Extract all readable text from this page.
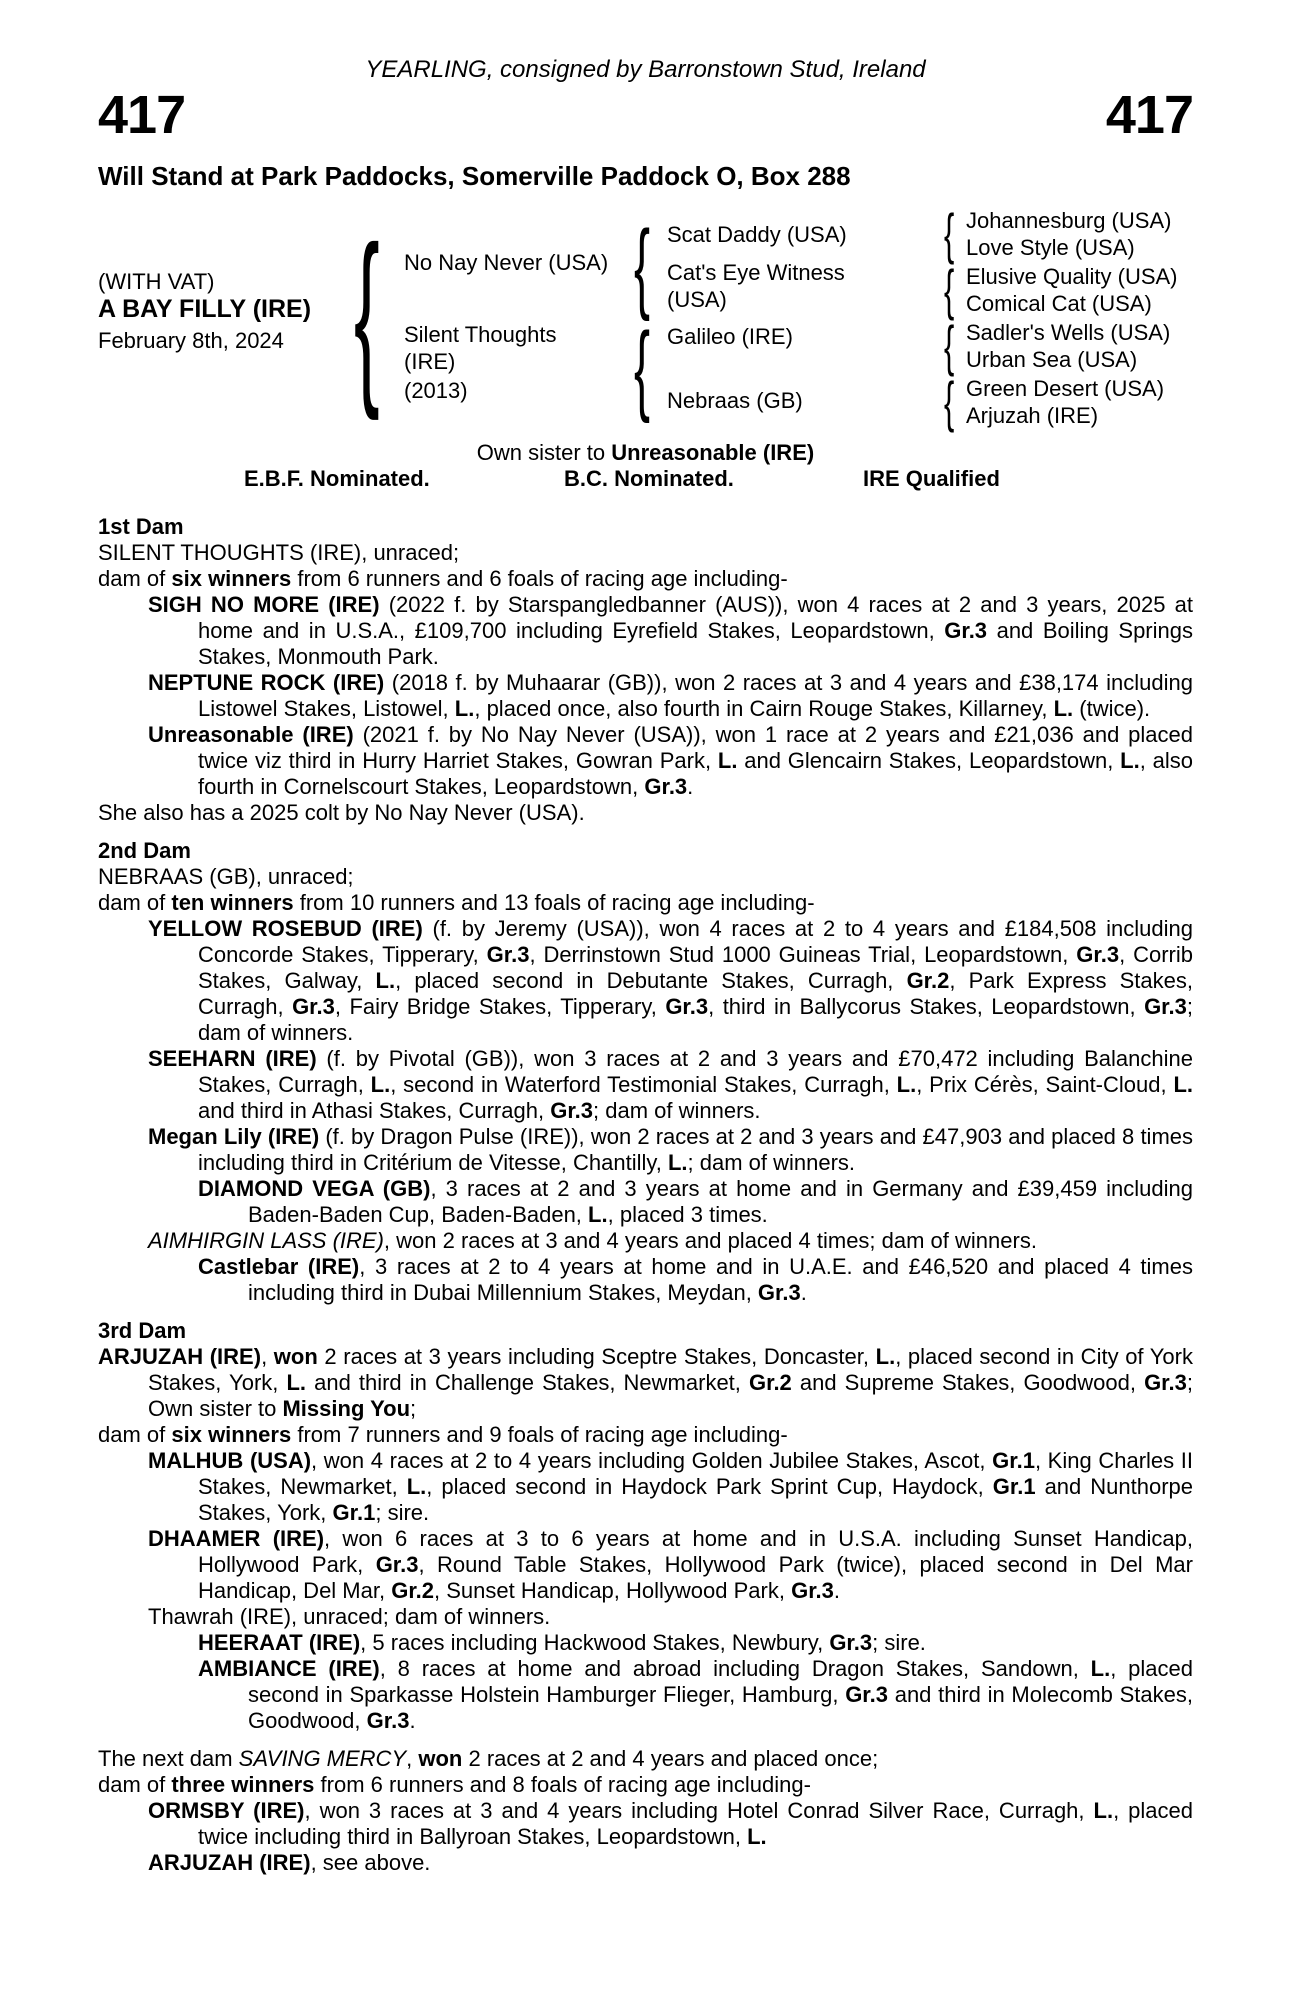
YEARLING, consigned by Barronstown Stud, Ireland
417	417
Will Stand at Park Paddocks, Somerville Paddock O, Box 288
(WITH VAT)
A BAY FILLY (IRE)
February 8th, 2024 {	{
{
{
{
{
{
No Nay Never (USA)
Silent Thoughts (IRE)
(2013)
Scat Daddy (USA)
Cat's Eye Witness (USA)
Galileo (IRE)
Nebraas (GB)
Johannesburg (USA)
Love Style (USA)
Elusive Quality (USA)
Comical Cat (USA)
Sadler's Wells (USA)
Urban Sea (USA)
Green Desert (USA)
Arjuzah (IRE)
Own sister to Unreasonable (IRE)
E.B.F. Nominated.	B.C. Nominated.	IRE Qualified
1st Dam
SILENT THOUGHTS (IRE), unraced;
dam of six winners from 6 runners and 6 foals of racing age including-
SIGH NO MORE (IRE) (2022 f. by Starspangledbanner (AUS)), won 4 races at 2 and 3 years, 2025 at home and in U.S.A., £109,700 including Eyrefield Stakes, Leopardstown, Gr.3 and Boiling Springs Stakes, Monmouth Park.
NEPTUNE ROCK (IRE) (2018 f. by Muhaarar (GB)), won 2 races at 3 and 4 years and £38,174 including Listowel Stakes, Listowel, L., placed once, also fourth in Cairn Rouge Stakes, Killarney, L. (twice).
Unreasonable (IRE) (2021 f. by No Nay Never (USA)), won 1 race at 2 years and £21,036 and placed twice viz third in Hurry Harriet Stakes, Gowran Park, L. and Glencairn Stakes, Leopardstown, L., also fourth in Cornelscourt Stakes, Leopardstown, Gr.3.
She also has a 2025 colt by No Nay Never (USA).
2nd Dam
NEBRAAS (GB), unraced;
dam of ten winners from 10 runners and 13 foals of racing age including-
YELLOW ROSEBUD (IRE) (f. by Jeremy (USA)), won 4 races at 2 to 4 years and £184,508 including Concorde Stakes, Tipperary, Gr.3, Derrinstown Stud 1000 Guineas Trial, Leopardstown, Gr.3, Corrib Stakes, Galway, L., placed second in Debutante Stakes, Curragh, Gr.2, Park Express Stakes, Curragh, Gr.3, Fairy Bridge Stakes, Tipperary, Gr.3, third in Ballycorus Stakes, Leopardstown, Gr.3; dam of winners.
SEEHARN (IRE) (f. by Pivotal (GB)), won 3 races at 2 and 3 years and £70,472 including Balanchine Stakes, Curragh, L., second in Waterford Testimonial Stakes, Curragh, L., Prix Cérès, Saint-Cloud, L. and third in Athasi Stakes, Curragh, Gr.3; dam of winners.
Megan Lily (IRE) (f. by Dragon Pulse (IRE)), won 2 races at 2 and 3 years and £47,903 and placed 8 times including third in Critérium de Vitesse, Chantilly, L.; dam of winners.
DIAMOND VEGA (GB), 3 races at 2 and 3 years at home and in Germany and £39,459 including Baden-Baden Cup, Baden-Baden, L., placed 3 times.
AIMHIRGIN LASS (IRE), won 2 races at 3 and 4 years and placed 4 times; dam of winners.
Castlebar (IRE), 3 races at 2 to 4 years at home and in U.A.E. and £46,520 and placed 4 times including third in Dubai Millennium Stakes, Meydan, Gr.3.
3rd Dam
ARJUZAH (IRE), won 2 races at 3 years including Sceptre Stakes, Doncaster, L., placed second in City of York Stakes, York, L. and third in Challenge Stakes, Newmarket, Gr.2 and Supreme Stakes, Goodwood, Gr.3; Own sister to Missing You;
dam of six winners from 7 runners and 9 foals of racing age including-
MALHUB (USA), won 4 races at 2 to 4 years including Golden Jubilee Stakes, Ascot, Gr.1, King Charles II Stakes, Newmarket, L., placed second in Haydock Park Sprint Cup, Haydock, Gr.1 and Nunthorpe Stakes, York, Gr.1; sire.
DHAAMER (IRE), won 6 races at 3 to 6 years at home and in U.S.A. including Sunset Handicap, Hollywood Park, Gr.3, Round Table Stakes, Hollywood Park (twice), placed second in Del Mar Handicap, Del Mar, Gr.2, Sunset Handicap, Hollywood Park, Gr.3.
Thawrah (IRE), unraced; dam of winners.
HEERAAT (IRE), 5 races including Hackwood Stakes, Newbury, Gr.3; sire.
AMBIANCE (IRE), 8 races at home and abroad including Dragon Stakes, Sandown, L., placed second in Sparkasse Holstein Hamburger Flieger, Hamburg, Gr.3 and third in Molecomb Stakes, Goodwood, Gr.3.
The next dam SAVING MERCY, won 2 races at 2 and 4 years and placed once;
dam of three winners from 6 runners and 8 foals of racing age including-
ORMSBY (IRE), won 3 races at 3 and 4 years including Hotel Conrad Silver Race, Curragh, L., placed twice including third in Ballyroan Stakes, Leopardstown, L.
ARJUZAH (IRE), see above.
